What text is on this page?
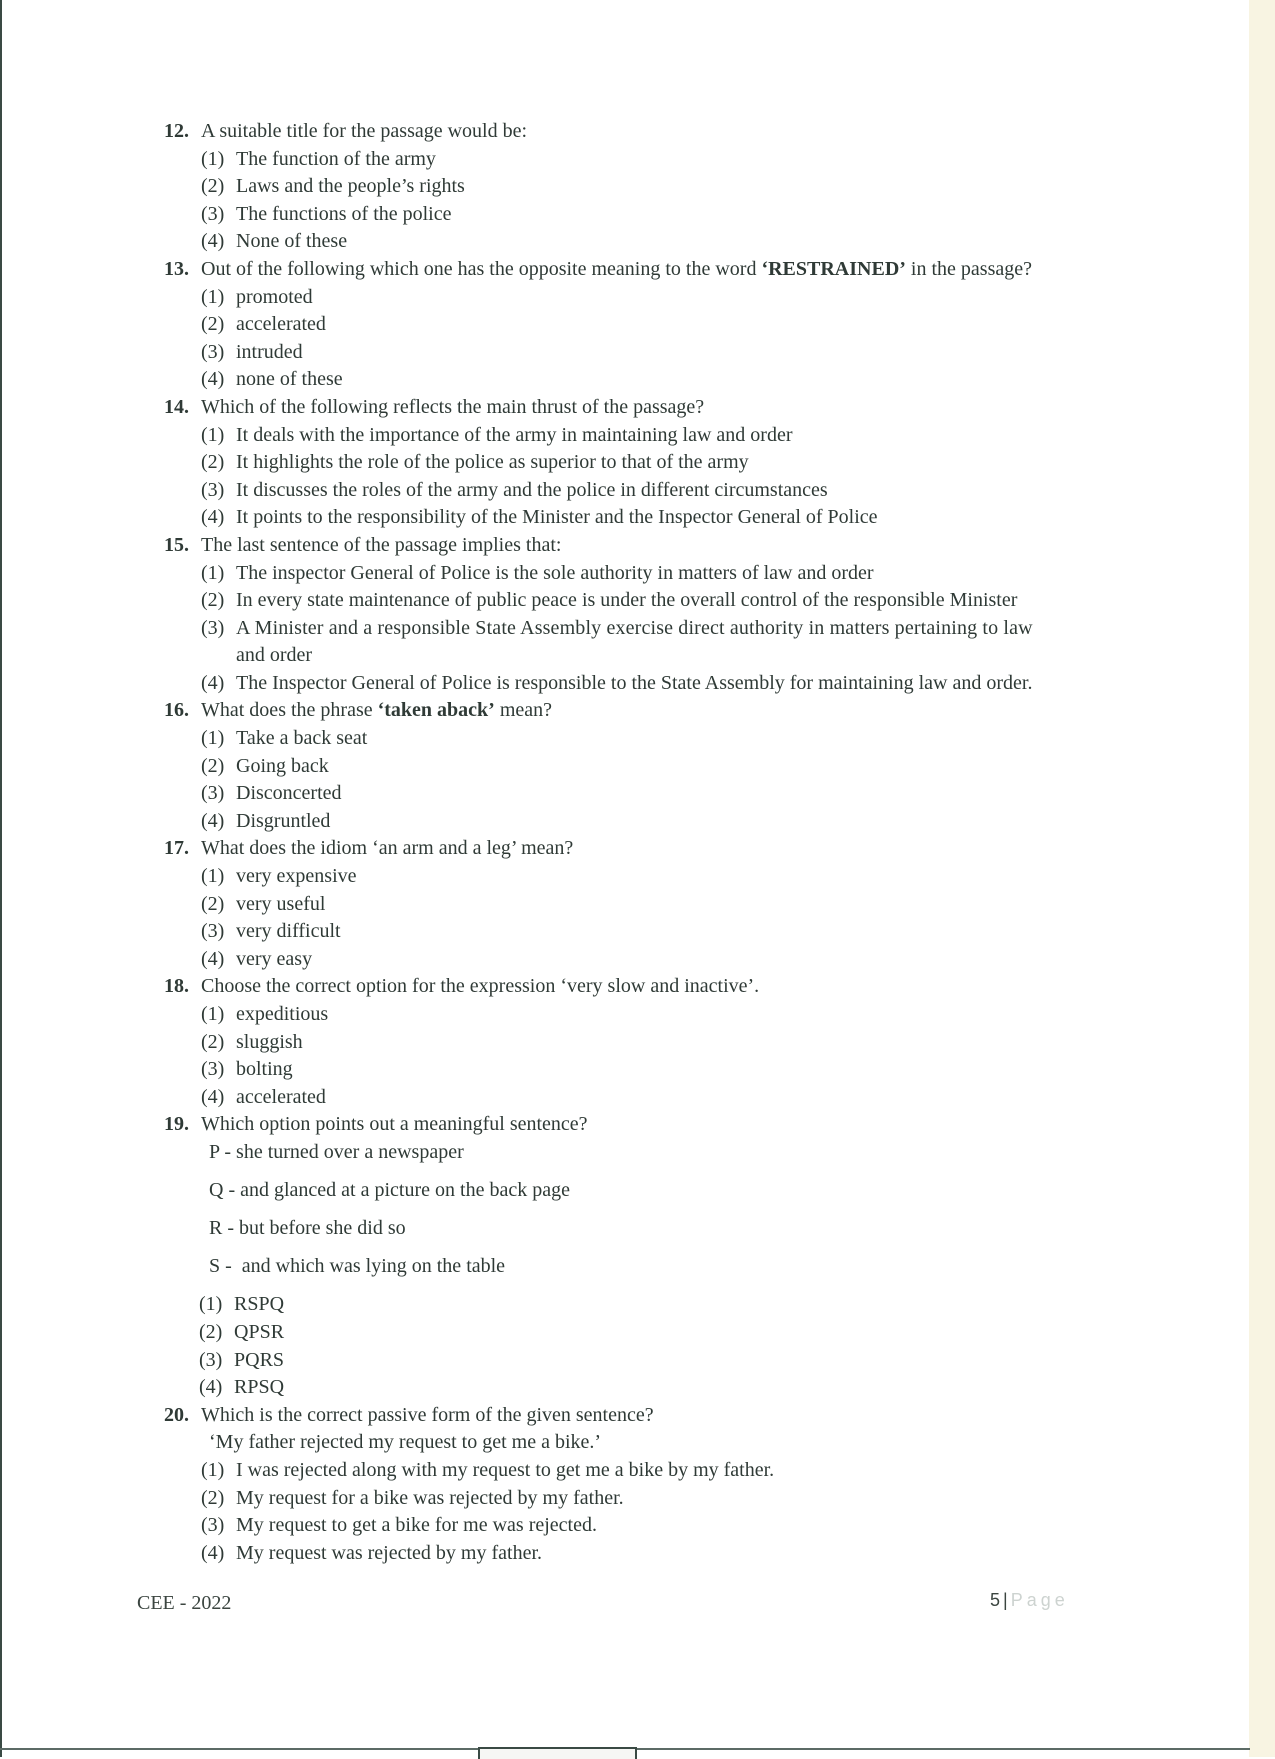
12. A suitable title for the passage would be:
(1) The function of the army
(2) Laws and the people’s rights
(3) The functions of the police
(4) None of these
13. Out of the following which one has the opposite meaning to the word ‘RESTRAINED’ in the passage?
(1) promoted
(2) accelerated
(3) intruded
(4) none of these
14. Which of the following reflects the main thrust of the passage?
(1) It deals with the importance of the army in maintaining law and order
(2) It highlights the role of the police as superior to that of the army
(3) It discusses the roles of the army and the police in different circumstances
(4) It points to the responsibility of the Minister and the Inspector General of Police
15. The last sentence of the passage implies that:
(1) The inspector General of Police is the sole authority in matters of law and order
(2) In every state maintenance of public peace is under the overall control of the responsible Minister
(3) A Minister and a responsible State Assembly exercise direct authority in matters pertaining to law
and order
(4) The Inspector General of Police is responsible to the State Assembly for maintaining law and order.
16. What does the phrase ‘taken aback’ mean?
(1) Take a back seat
(2) Going back
(3) Disconcerted
(4) Disgruntled
17. What does the idiom ‘an arm and a leg’ mean?
(1) very expensive
(2) very useful
(3) very difficult
(4) very easy
18. Choose the correct option for the expression ‘very slow and inactive’.
(1) expeditious
(2) sluggish
(3) bolting
(4) accelerated
19. Which option points out a meaningful sentence?
P - she turned over a newspaper
Q - and glanced at a picture on the back page
R - but before she did so
S -  and which was lying on the table
(1) RSPQ
(2) QPSR
(3) PQRS
(4) RPSQ
20. Which is the correct passive form of the given sentence?
‘My father rejected my request to get me a bike.’
(1) I was rejected along with my request to get me a bike by my father.
(2) My request for a bike was rejected by my father.
(3) My request to get a bike for me was rejected.
(4) My request was rejected by my father.
CEE - 2022	5 | Page
